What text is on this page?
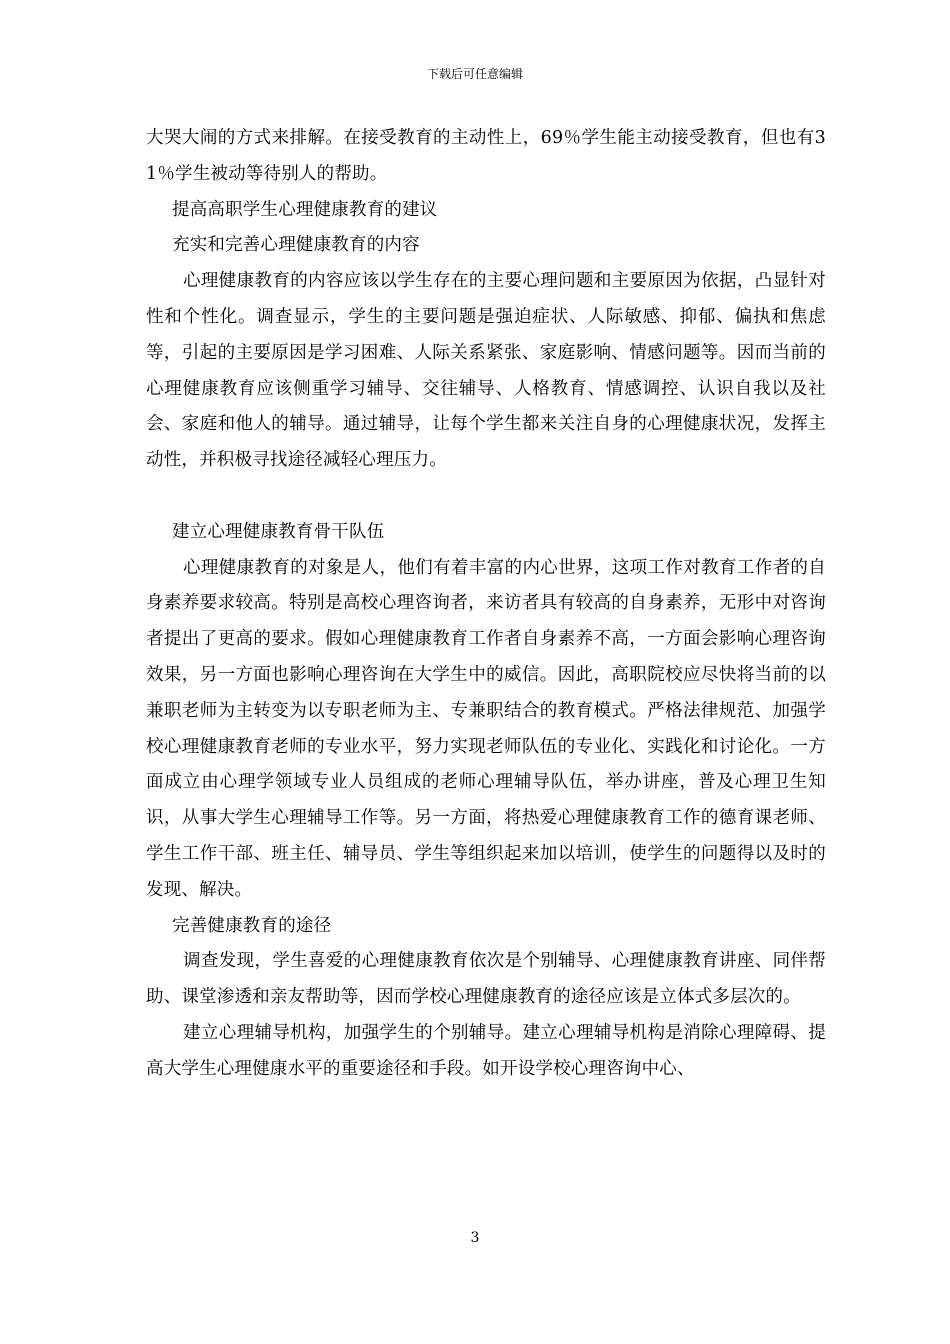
下载后可任意编辑

大哭大闹的方式来排解。在接受教育的主动性上，69％学生能主动接受教育，但也有31％学生被动等待别人的帮助。

提高高职学生心理健康教育的建议

充实和完善心理健康教育的内容

心理健康教育的内容应该以学生存在的主要心理问题和主要原因为依据，凸显针对性和个性化。调查显示，学生的主要问题是强迫症状、人际敏感、抑郁、偏执和焦虑等，引起的主要原因是学习困难、人际关系紧张、家庭影响、情感问题等。因而当前的心理健康教育应该侧重学习辅导、交往辅导、人格教育、情感调控、认识自我以及社会、家庭和他人的辅导。通过辅导，让每个学生都来关注自身的心理健康状况，发挥主动性，并积极寻找途径减轻心理压力。

建立心理健康教育骨干队伍

心理健康教育的对象是人，他们有着丰富的内心世界，这项工作对教育工作者的自身素养要求较高。特别是高校心理咨询者，来访者具有较高的自身素养，无形中对咨询者提出了更高的要求。假如心理健康教育工作者自身素养不高，一方面会影响心理咨询效果，另一方面也影响心理咨询在大学生中的威信。因此，高职院校应尽快将当前的以兼职老师为主转变为以专职老师为主、专兼职结合的教育模式。严格法律规范、加强学校心理健康教育老师的专业水平，努力实现老师队伍的专业化、实践化和讨论化。一方面成立由心理学领域专业人员组成的老师心理辅导队伍，举办讲座，普及心理卫生知识，从事大学生心理辅导工作等。另一方面，将热爱心理健康教育工作的德育课老师、学生工作干部、班主任、辅导员、学生等组织起来加以培训，使学生的问题得以及时的发现、解决。

完善健康教育的途径

调查发现，学生喜爱的心理健康教育依次是个别辅导、心理健康教育讲座、同伴帮助、课堂渗透和亲友帮助等，因而学校心理健康教育的途径应该是立体式多层次的。

建立心理辅导机构，加强学生的个别辅导。建立心理辅导机构是消除心理障碍、提高大学生心理健康水平的重要途径和手段。如开设学校心理咨询中心、

3
